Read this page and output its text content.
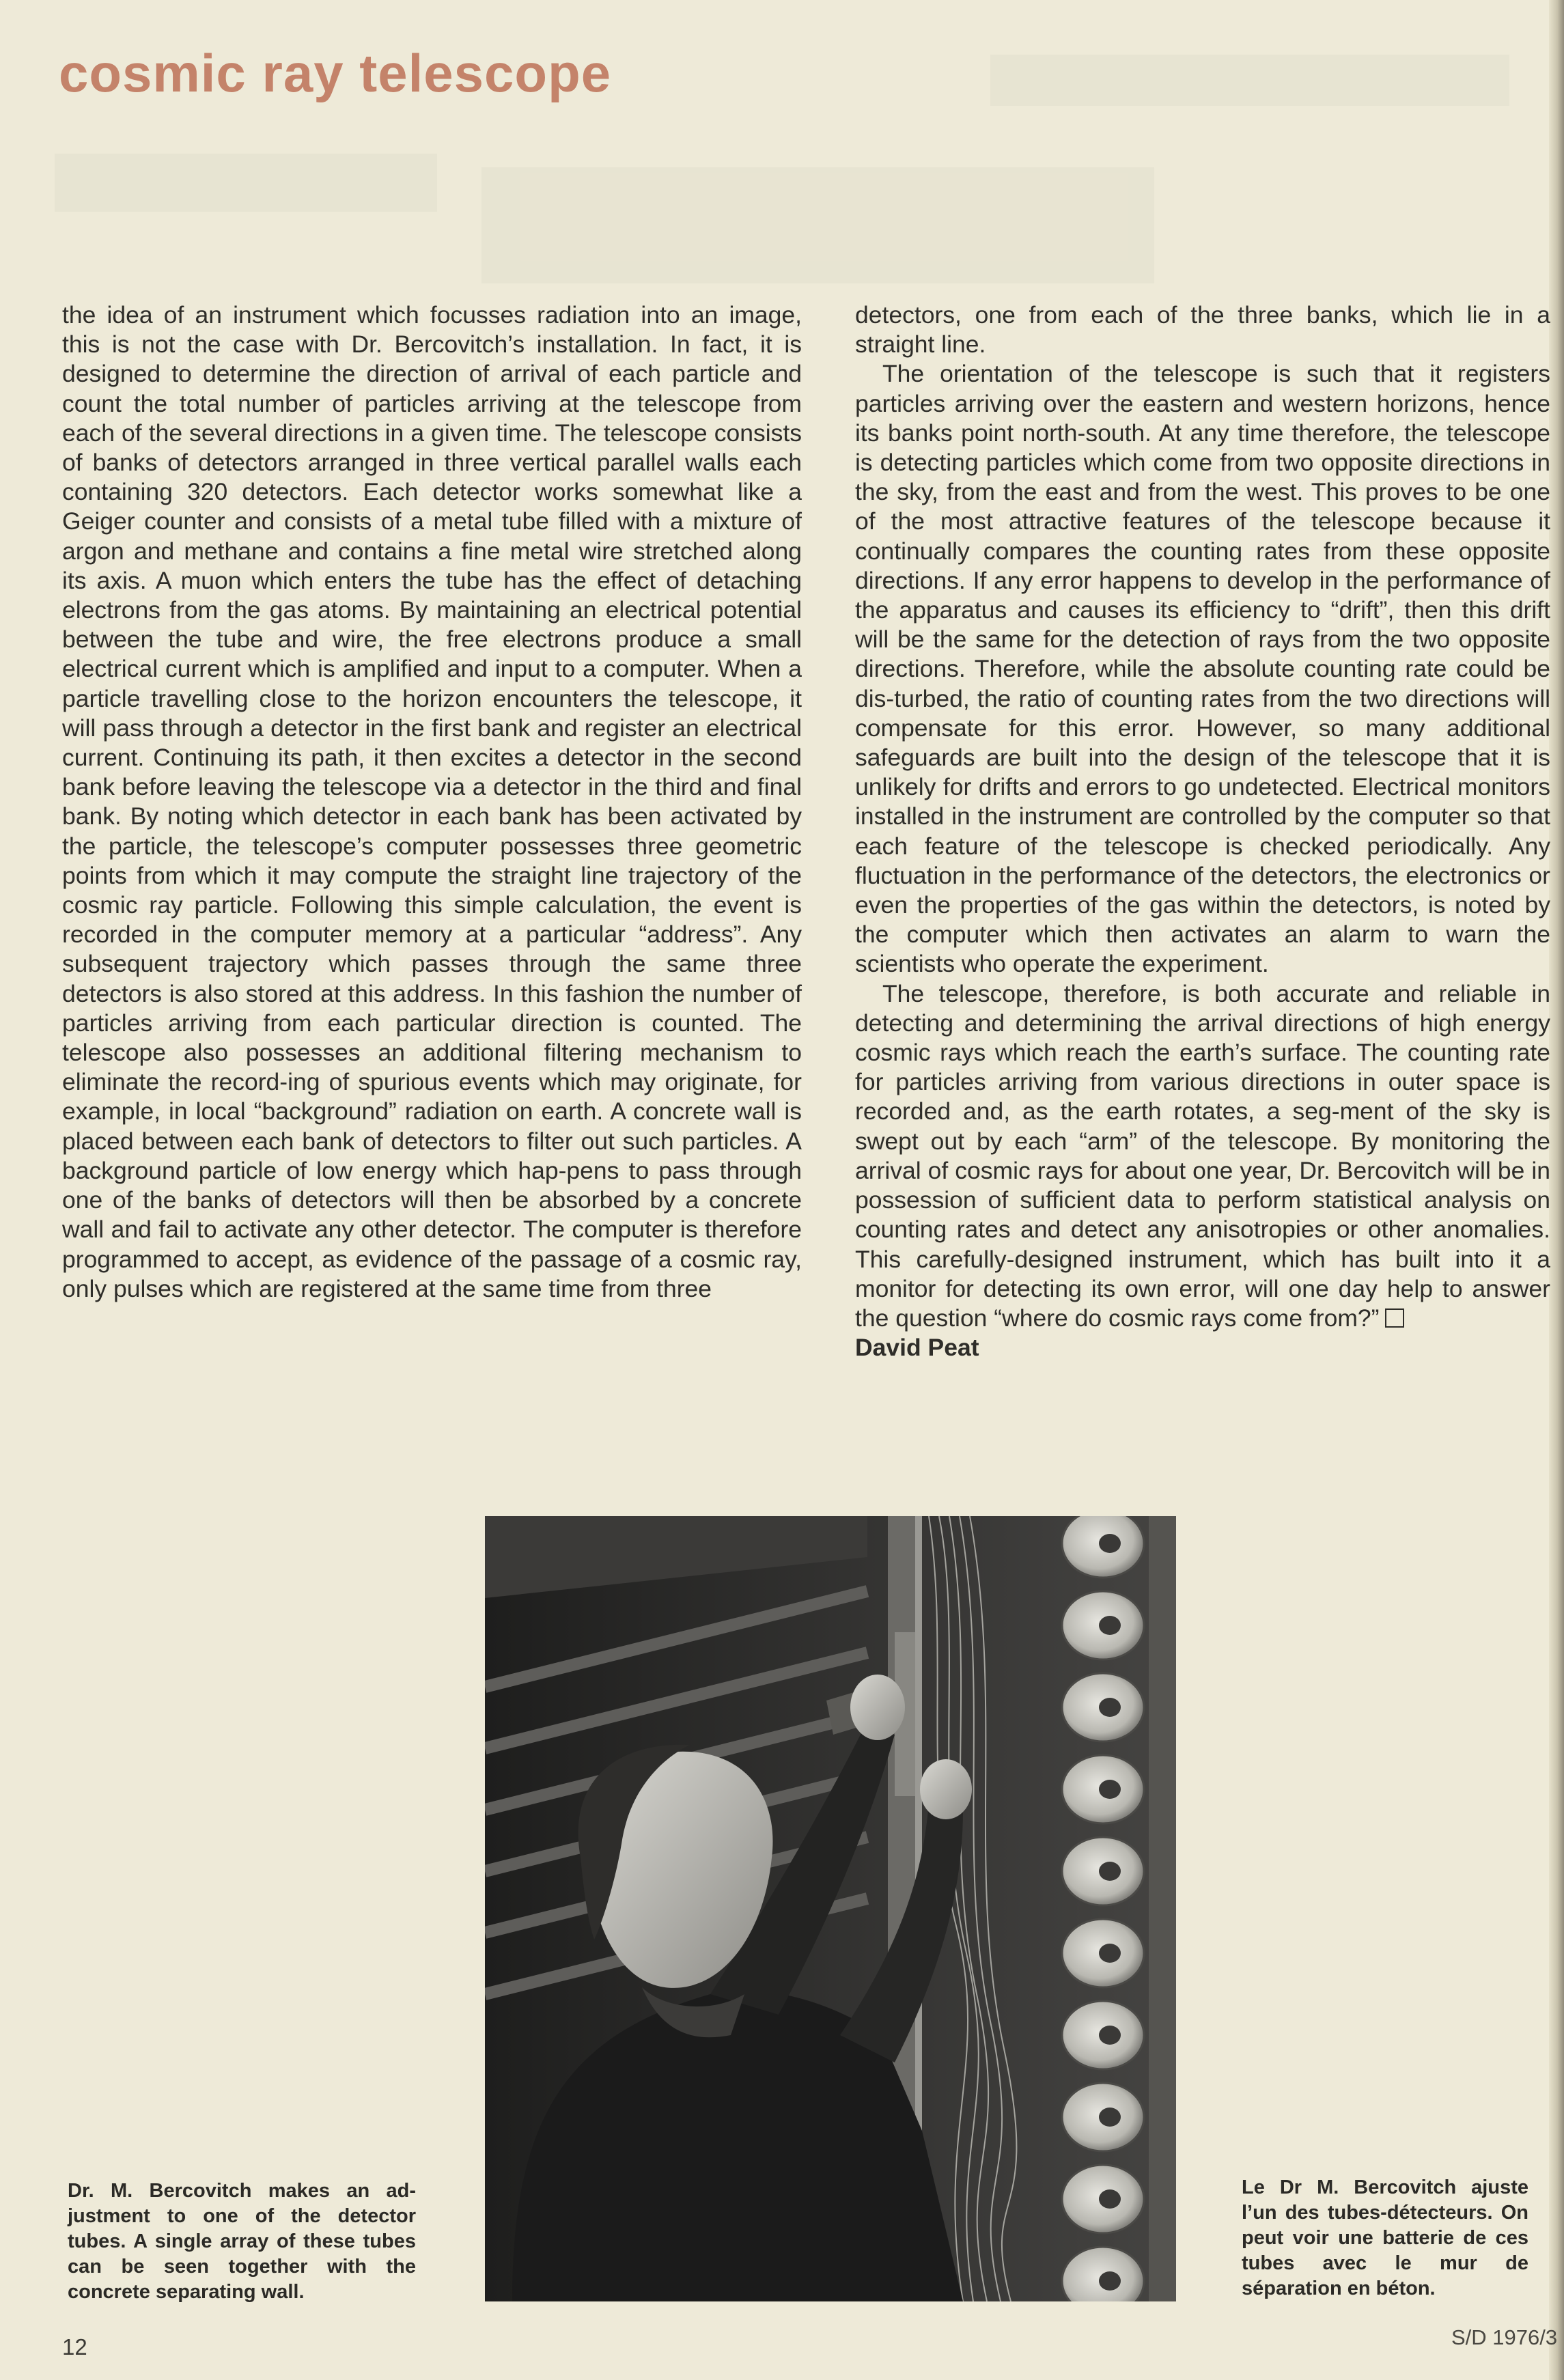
cosmic ray telescope

the idea of an instrument which focusses radiation into an image, this is not the case with Dr. Bercovitch’s installation. In fact, it is designed to determine the direction of arrival of each particle and count the total number of particles arriving at the telescope from each of the several directions in a given time. The telescope consists of banks of detectors arranged in three vertical parallel walls each containing 320 detectors. Each detector works somewhat like a Geiger counter and consists of a metal tube filled with a mixture of argon and methane and contains a fine metal wire stretched along its axis. A muon which enters the tube has the effect of detaching electrons from the gas atoms. By maintaining an electrical potential between the tube and wire, the free electrons produce a small electrical current which is amplified and input to a computer. When a particle travelling close to the horizon encounters the telescope, it will pass through a detector in the first bank and register an electrical current. Continuing its path, it then excites a detector in the second bank before leaving the telescope via a detector in the third and final bank. By noting which detector in each bank has been activated by the particle, the telescope’s computer possesses three geometric points from which it may compute the straight line trajectory of the cosmic ray particle. Following this simple calculation, the event is recorded in the computer memory at a particular “address”. Any subsequent trajectory which passes through the same three detectors is also stored at this address. In this fashion the number of particles arriving from each particular direction is counted. The telescope also possesses an additional filtering mechanism to eliminate the record-ing of spurious events which may originate, for example, in local “background” radiation on earth. A concrete wall is placed between each bank of detectors to filter out such particles. A background particle of low energy which hap-pens to pass through one of the banks of detectors will then be absorbed by a concrete wall and fail to activate any other detector. The computer is therefore programmed to accept, as evidence of the passage of a cosmic ray, only pulses which are registered at the same time from three

detectors, one from each of the three banks, which lie in a straight line.

The orientation of the telescope is such that it registers particles arriving over the eastern and western horizons, hence its banks point north-south. At any time therefore, the telescope is detecting particles which come from two opposite directions in the sky, from the east and from the west. This proves to be one of the most attractive features of the telescope because it continually compares the counting rates from these opposite directions. If any error happens to develop in the performance of the apparatus and causes its efficiency to “drift”, then this drift will be the same for the detection of rays from the two opposite directions. Therefore, while the absolute counting rate could be dis-turbed, the ratio of counting rates from the two directions will compensate for this error. However, so many additional safeguards are built into the design of the telescope that it is unlikely for drifts and errors to go undetected. Electrical monitors installed in the instrument are controlled by the computer so that each feature of the telescope is checked periodically. Any fluctuation in the performance of the detectors, the electronics or even the properties of the gas within the detectors, is noted by the computer which then activates an alarm to warn the scientists who operate the experiment.

The telescope, therefore, is both accurate and reliable in detecting and determining the arrival directions of high energy cosmic rays which reach the earth’s surface. The counting rate for particles arriving from various directions in outer space is recorded and, as the earth rotates, a seg-ment of the sky is swept out by each “arm” of the telescope. By monitoring the arrival of cosmic rays for about one year, Dr. Bercovitch will be in possession of sufficient data to perform statistical analysis on counting rates and detect any anisotropies or other anomalies. This carefully-designed instrument, which has built into it a monitor for detecting its own error, will one day help to answer the question “where do cosmic rays come from?”

David Peat

Dr. M. Bercovitch makes an ad-justment to one of the detector tubes. A single array of these tubes can be seen together with the concrete separating wall.
Le Dr M. Bercovitch ajuste l’un des tubes-détecteurs. On peut voir une batterie de ces tubes avec le mur de séparation en béton.
12	S/D 1976/3
